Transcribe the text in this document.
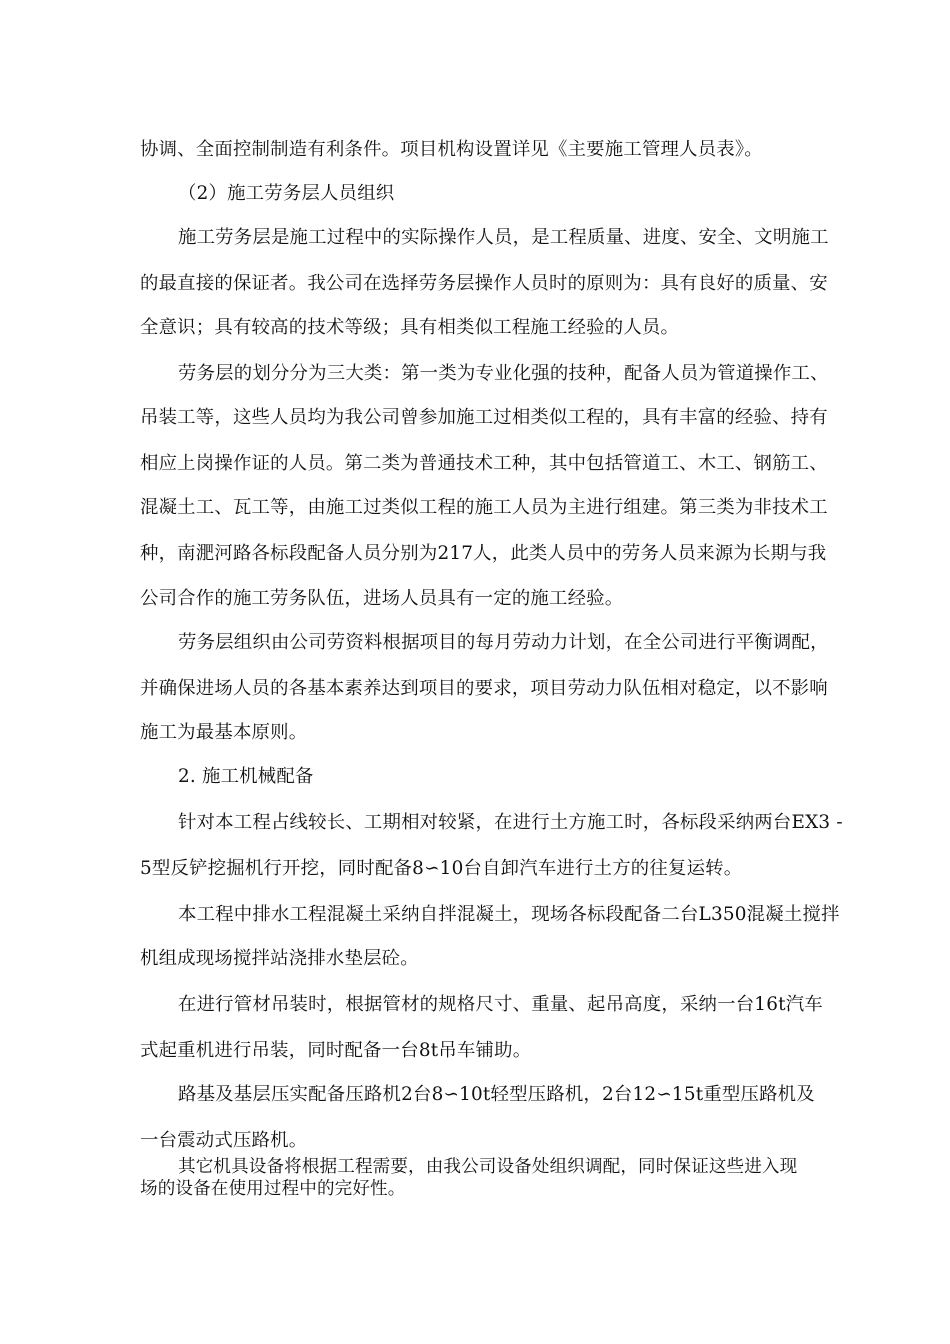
协调、全面控制制造有利条件。项目机构设置详见《主要施工管理人员表》。
（2）施工劳务层人员组织
施工劳务层是施工过程中的实际操作人员，是工程质量、进度、安全、文明施工
的最直接的保证者。我公司在选择劳务层操作人员时的原则为：具有良好的质量、安
全意识；具有较高的技术等级；具有相类似工程施工经验的人员。
劳务层的划分分为三大类：第一类为专业化强的技种，配备人员为管道操作工、
吊装工等，这些人员均为我公司曾参加施工过相类似工程的，具有丰富的经验、持有
相应上岗操作证的人员。第二类为普通技术工种，其中包括管道工、木工、钢筋工、
混凝土工、瓦工等，由施工过类似工程的施工人员为主进行组建。第三类为非技术工
种，南淝河路各标段配备人员分别为217人，此类人员中的劳务人员来源为长期与我
公司合作的施工劳务队伍，进场人员具有一定的施工经验。
劳务层组织由公司劳资料根据项目的每月劳动力计划，在全公司进行平衡调配，
并确保进场人员的各基本素养达到项目的要求，项目劳动力队伍相对稳定，以不影响
施工为最基本原则。
2. 施工机械配备
针对本工程占线较长、工期相对较紧，在进行土方施工时，各标段采纳两台EX3 -
5型反铲挖掘机行开挖，同时配备8∽10台自卸汽车进行土方的往复运转。
本工程中排水工程混凝土采纳自拌混凝土，现场各标段配备二台L350混凝土搅拌
机组成现场搅拌站浇排水垫层砼。
在进行管材吊装时，根据管材的规格尺寸、重量、起吊高度，采纳一台16t汽车
式起重机进行吊装，同时配备一台8t吊车铺助。
路基及基层压实配备压路机2台8∽10t轻型压路机，2台12∽15t重型压路机及
一台震动式压路机。
其它机具设备将根据工程需要，由我公司设备处组织调配，同时保证这些进入现
场的设备在使用过程中的完好性。
